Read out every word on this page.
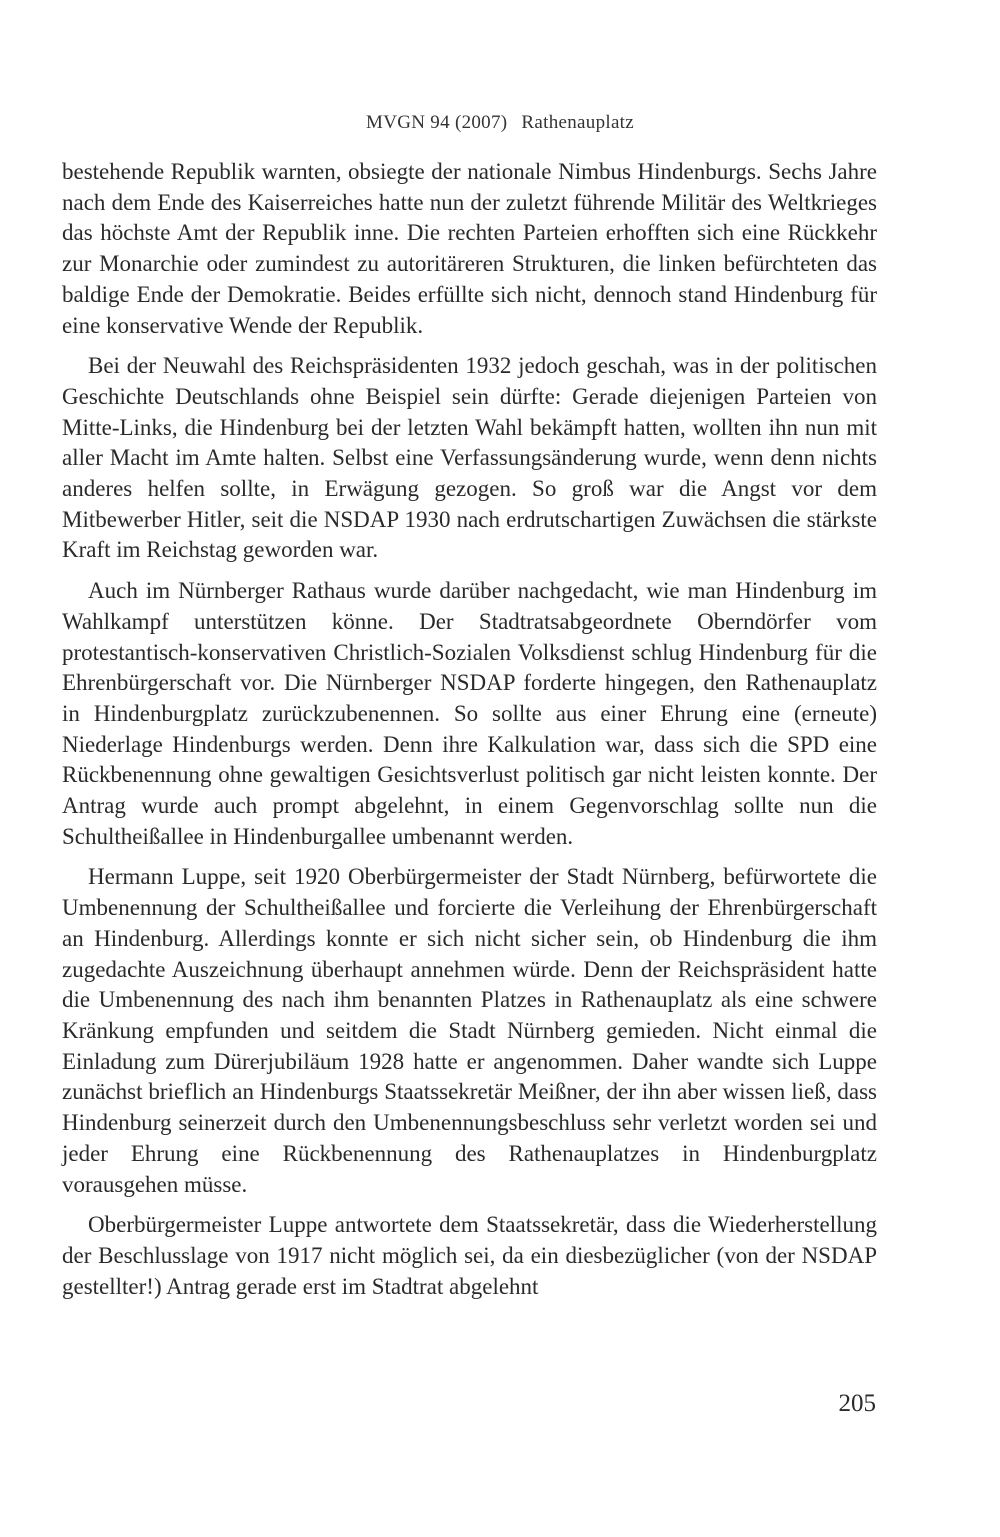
MVGN 94 (2007) Rathenauplatz

bestehende Republik warnten, obsiegte der nationale Nimbus Hindenburgs. Sechs Jahre nach dem Ende des Kaiserreiches hatte nun der zuletzt führende Militär des Weltkrieges das höchste Amt der Republik inne. Die rechten Parteien erhofften sich eine Rückkehr zur Monarchie oder zumindest zu autoritäreren Strukturen, die linken befürchteten das baldige Ende der Demokratie. Beides erfüllte sich nicht, dennoch stand Hindenburg für eine konservative Wende der Republik.

Bei der Neuwahl des Reichspräsidenten 1932 jedoch geschah, was in der politischen Geschichte Deutschlands ohne Beispiel sein dürfte: Gerade diejenigen Parteien von Mitte-Links, die Hindenburg bei der letzten Wahl bekämpft hatten, wollten ihn nun mit aller Macht im Amte halten. Selbst eine Verfassungsänderung wurde, wenn denn nichts anderes helfen sollte, in Erwägung gezogen. So groß war die Angst vor dem Mitbewerber Hitler, seit die NSDAP 1930 nach erdrutschartigen Zuwächsen die stärkste Kraft im Reichstag geworden war.

Auch im Nürnberger Rathaus wurde darüber nachgedacht, wie man Hindenburg im Wahlkampf unterstützen könne. Der Stadtratsabgeordnete Oberndörfer vom protestantisch-konservativen Christlich-Sozialen Volksdienst schlug Hindenburg für die Ehrenbürgerschaft vor. Die Nürnberger NSDAP forderte hingegen, den Rathenauplatz in Hindenburgplatz zurückzubenennen. So sollte aus einer Ehrung eine (erneute) Niederlage Hindenburgs werden. Denn ihre Kalkulation war, dass sich die SPD eine Rückbenennung ohne gewaltigen Gesichtsverlust politisch gar nicht leisten konnte. Der Antrag wurde auch prompt abgelehnt, in einem Gegenvorschlag sollte nun die Schultheißallee in Hindenburgallee umbenannt werden.

Hermann Luppe, seit 1920 Oberbürgermeister der Stadt Nürnberg, befürwortete die Umbenennung der Schultheißallee und forcierte die Verleihung der Ehrenbürgerschaft an Hindenburg. Allerdings konnte er sich nicht sicher sein, ob Hindenburg die ihm zugedachte Auszeichnung überhaupt annehmen würde. Denn der Reichspräsident hatte die Umbenennung des nach ihm benannten Platzes in Rathenauplatz als eine schwere Kränkung empfunden und seitdem die Stadt Nürnberg gemieden. Nicht einmal die Einladung zum Dürerjubiläum 1928 hatte er angenommen. Daher wandte sich Luppe zunächst brieflich an Hindenburgs Staatssekretär Meißner, der ihn aber wissen ließ, dass Hindenburg seinerzeit durch den Umbenennungsbeschluss sehr verletzt worden sei und jeder Ehrung eine Rückbenennung des Rathenauplatzes in Hindenburgplatz vorausgehen müsse.

Oberbürgermeister Luppe antwortete dem Staatssekretär, dass die Wiederherstellung der Beschlusslage von 1917 nicht möglich sei, da ein diesbezüglicher (von der NSDAP gestellter!) Antrag gerade erst im Stadtrat abgelehnt

205
